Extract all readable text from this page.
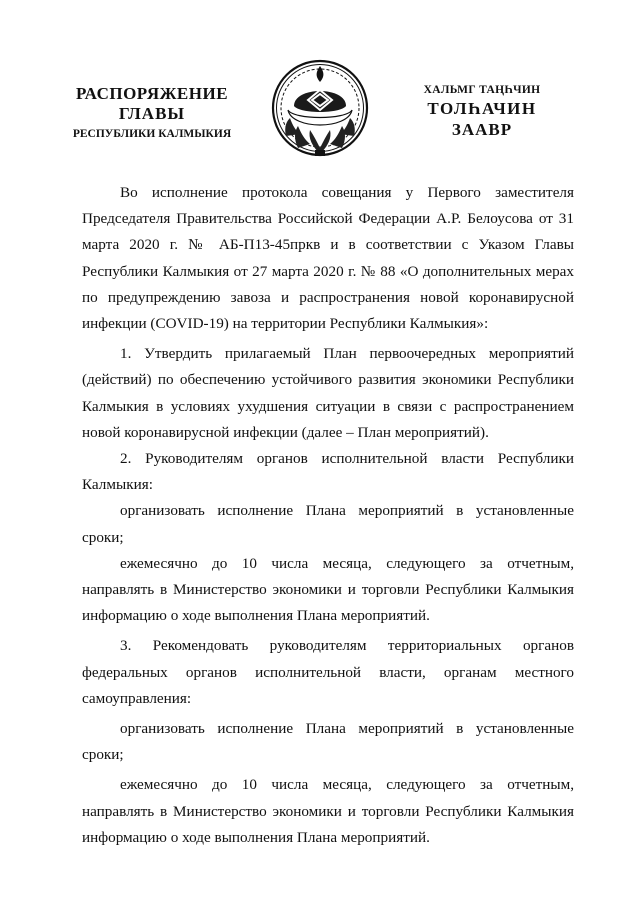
РАСПОРЯЖЕНИЕ
ГЛАВЫ
РЕСПУБЛИКИ КАЛМЫКИЯ
ХАЛЬМГ ТАҢҺЧИН
ТОЛҺАЧИН
ЗААВР

Во исполнение протокола совещания у Первого заместителя Председателя Правительства Российской Федерации А.Р. Белоусова от 31 марта 2020 г. № АБ-П13-45пркв и в соответствии с Указом Главы Республики Калмыкия от 27 марта 2020 г. № 88 «О дополнительных мерах по предупреждению завоза и распространения новой коронавирусной инфекции (COVID-19) на территории Республики Калмыкия»:

1. Утвердить прилагаемый План первоочередных мероприятий (действий) по обеспечению устойчивого развития экономики Республики Калмыкия в условиях ухудшения ситуации в связи с распространением новой коронавирусной инфекции (далее – План мероприятий).

2. Руководителям органов исполнительной власти Республики Калмыкия:

организовать исполнение Плана мероприятий в установленные сроки;

ежемесячно до 10 числа месяца, следующего за отчетным, направлять в Министерство экономики и торговли Республики Калмыкия информацию о ходе выполнения Плана мероприятий.

3. Рекомендовать руководителям территориальных органов федеральных органов исполнительной власти, органам местного самоуправления:

организовать исполнение Плана мероприятий в установленные сроки;

ежемесячно до 10 числа месяца, следующего за отчетным, направлять в Министерство экономики и торговли Республики Калмыкия информацию о ходе выполнения Плана мероприятий.
